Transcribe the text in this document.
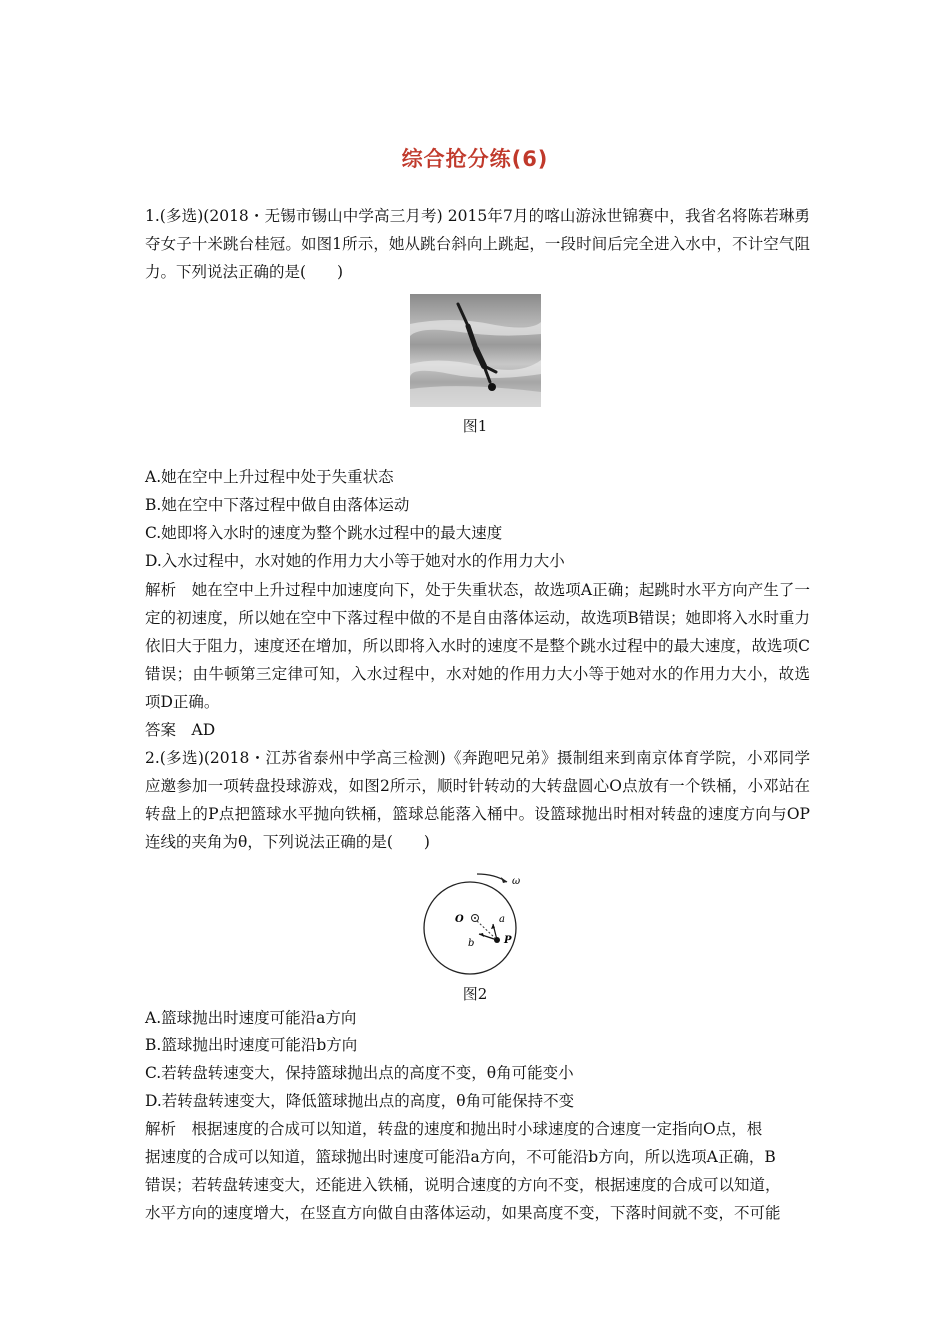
综合抢分练(6)
1.(多选)(2018・无锡市锡山中学高三月考) 2015年7月的喀山游泳世锦赛中，我省名将陈若琳勇夺女子十米跳台桂冠。如图1所示，她从跳台斜向上跳起，一段时间后完全进入水中，不计空气阻力。下列说法正确的是(　　)
图1
A.她在空中上升过程中处于失重状态
B.她在空中下落过程中做自由落体运动
C.她即将入水时的速度为整个跳水过程中的最大速度
D.入水过程中，水对她的作用力大小等于她对水的作用力大小
解析　她在空中上升过程中加速度向下，处于失重状态，故选项A正确；起跳时水平方向产生了一定的初速度，所以她在空中下落过程中做的不是自由落体运动，故选项B错误；她即将入水时重力依旧大于阻力，速度还在增加，所以即将入水时的速度不是整个跳水过程中的最大速度，故选项C错误；由牛顿第三定律可知，入水过程中，水对她的作用力大小等于她对水的作用力大小，故选项D正确。
答案　AD
2.(多选)(2018・江苏省泰州中学高三检测)《奔跑吧兄弟》摄制组来到南京体育学院，小邓同学应邀参加一项转盘投球游戏，如图2所示，顺时针转动的大转盘圆心O点放有一个铁桶，小邓站在转盘上的P点把篮球水平抛向铁桶，篮球总能落入桶中。设篮球抛出时相对转盘的速度方向与OP连线的夹角为θ，下列说法正确的是(　　)
ω
O	a
b	P
图2
A.篮球抛出时速度可能沿a方向
B.篮球抛出时速度可能沿b方向
C.若转盘转速变大，保持篮球抛出点的高度不变，θ角可能变小
D.若转盘转速变大，降低篮球抛出点的高度，θ角可能保持不变
解析　根据速度的合成可以知道，转盘的速度和抛出时小球速度的合速度一定指向O点，根
据速度的合成可以知道，篮球抛出时速度可能沿a方向，不可能沿b方向，所以选项A正确，B
错误；若转盘转速变大，还能进入铁桶，说明合速度的方向不变，根据速度的合成可以知道，
水平方向的速度增大，在竖直方向做自由落体运动，如果高度不变，下落时间就不变，不可能
